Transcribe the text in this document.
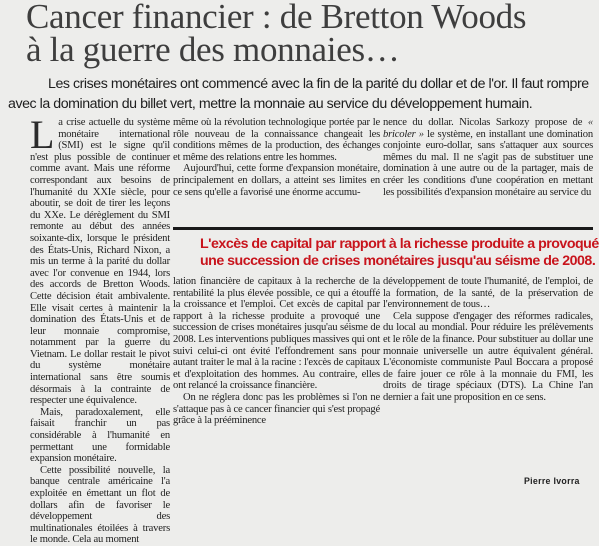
Cancer financier : de Bretton Woods
à la guerre des monnaies…
Les crises monétaires ont commencé avec la fin de la parité du dollar et de l'or. Il faut rompre
avec la domination du billet vert, mettre la monnaie au service du développement humain.

La crise actuelle du système monétaire international (SMI) est le signe qu'il n'est plus possible de continuer comme avant. Mais une réforme correspondant aux besoins de l'humanité du XXIe siècle, pour aboutir, se doit de tirer les leçons du XXe. Le dérèglement du SMI remonte au début des années soixante-dix, lorsque le président des États-Unis, Richard Nixon, a mis un terme à la parité du dollar avec l'or convenue en 1944, lors des accords de Bretton Woods. Cette décision était ambivalente. Elle visait certes à maintenir la domination des États-Unis et de leur monnaie compromise, notamment par la guerre du Vietnam. Le dollar restait le pivot du système monétaire international sans être soumis désormais à la contrainte de respecter une équivalence.

Mais, paradoxalement, elle faisait franchir un pas considérable à l'humanité en permettant une formidable expansion monétaire.

Cette possibilité nouvelle, la banque centrale américaine l'a exploitée en émettant un flot de dollars afin de favoriser le développement des multinationales étoilées à travers le monde. Cela au moment

même où la révolution technologique portée par le rôle nouveau de la connaissance changeait les conditions mêmes de la production, des échanges et même des relations entre les hommes.

Aujourd'hui, cette forme d'expansion monétaire, principalement en dollars, a atteint ses limites en ce sens qu'elle a favorisé une énorme accumu-

nence du dollar. Nicolas Sarkozy propose de « bricoler » le système, en installant une domination conjointe euro-dollar, sans s'attaquer aux sources mêmes du mal. Il ne s'agit pas de substituer une domination à une autre ou de la partager, mais de créer les conditions d'une coopération en mettant les possibilités d'expansion monétaire au service du

L'excès de capital par rapport à la richesse produite a provoqué
une succession de crises monétaires jusqu'au séisme de 2008.

lation financière de capitaux à la recherche de la rentabilité la plus élevée possible, ce qui a étouffé la croissance et l'emploi. Cet excès de capital par rapport à la richesse produite a provoqué une succession de crises monétaires jusqu'au séisme de 2008. Les interventions publiques massives qui ont suivi celui-ci ont évité l'effondrement sans pour autant traiter le mal à la racine : l'excès de capitaux et d'exploitation des hommes. Au contraire, elles ont relancé la croissance financière.

On ne réglera donc pas les problèmes si l'on ne s'attaque pas à ce cancer financier qui s'est propagé grâce à la prééminence

développement de toute l'humanité, de l'emploi, de la formation, de la santé, de la préservation de l'environnement de tous…

Cela suppose d'engager des réformes radicales, du local au mondial. Pour réduire les prélèvements et le rôle de la finance. Pour substituer au dollar une monnaie universelle un autre équivalent général. L'économiste communiste Paul Boccara a proposé de faire jouer ce rôle à la monnaie du FMI, les droits de tirage spéciaux (DTS). La Chine l'an dernier a fait une proposition en ce sens.

Pierre Ivorra
